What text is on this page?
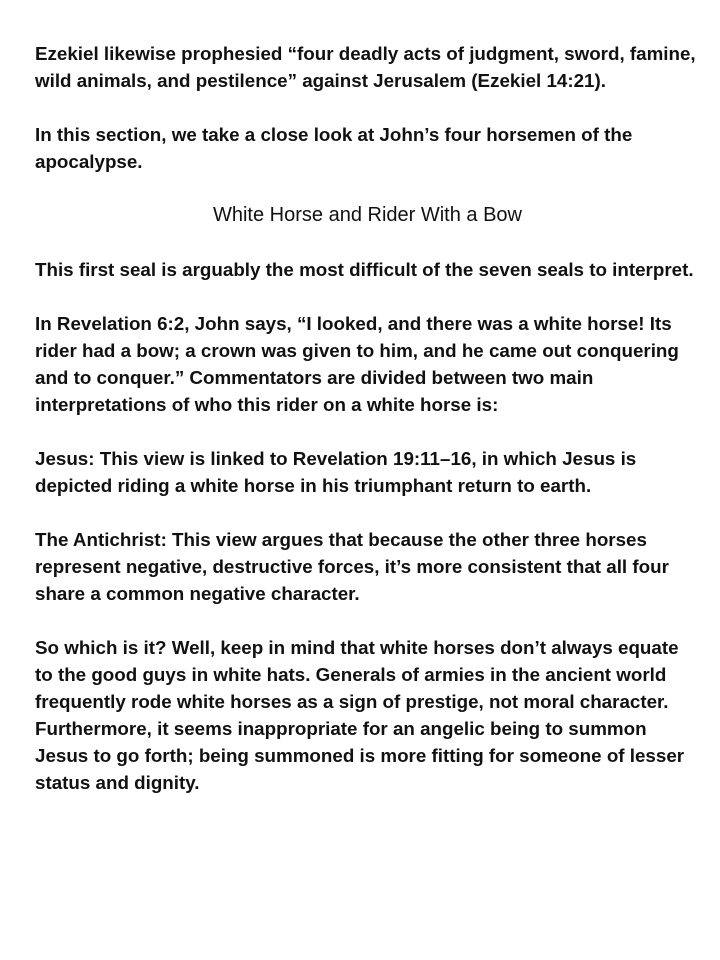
Ezekiel likewise prophesied “four deadly acts of judgment, sword, famine, wild animals, and pestilence” against Jerusalem (Ezekiel 14:21).

In this section, we take a close look at John’s four horsemen of the apocalypse.

White Horse and Rider With a Bow

This first seal is arguably the most difficult of the seven seals to interpret.

In Revelation 6:2, John says, “I looked, and there was a white horse! Its rider had a bow; a crown was given to him, and he came out conquering and to conquer.” Commentators are divided between two main interpretations of who this rider on a white horse is:

Jesus: This view is linked to Revelation 19:11–16, in which Jesus is depicted riding a white horse in his triumphant return to earth.

The Antichrist: This view argues that because the other three horses represent negative, destructive forces, it’s more consistent that all four share a common negative character.

So which is it? Well, keep in mind that white horses don’t always equate to the good guys in white hats. Generals of armies in the ancient world frequently rode white horses as a sign of prestige, not moral character. Furthermore, it seems inappropriate for an angelic being to summon Jesus to go forth; being summoned is more fitting for someone of lesser status and dignity.
